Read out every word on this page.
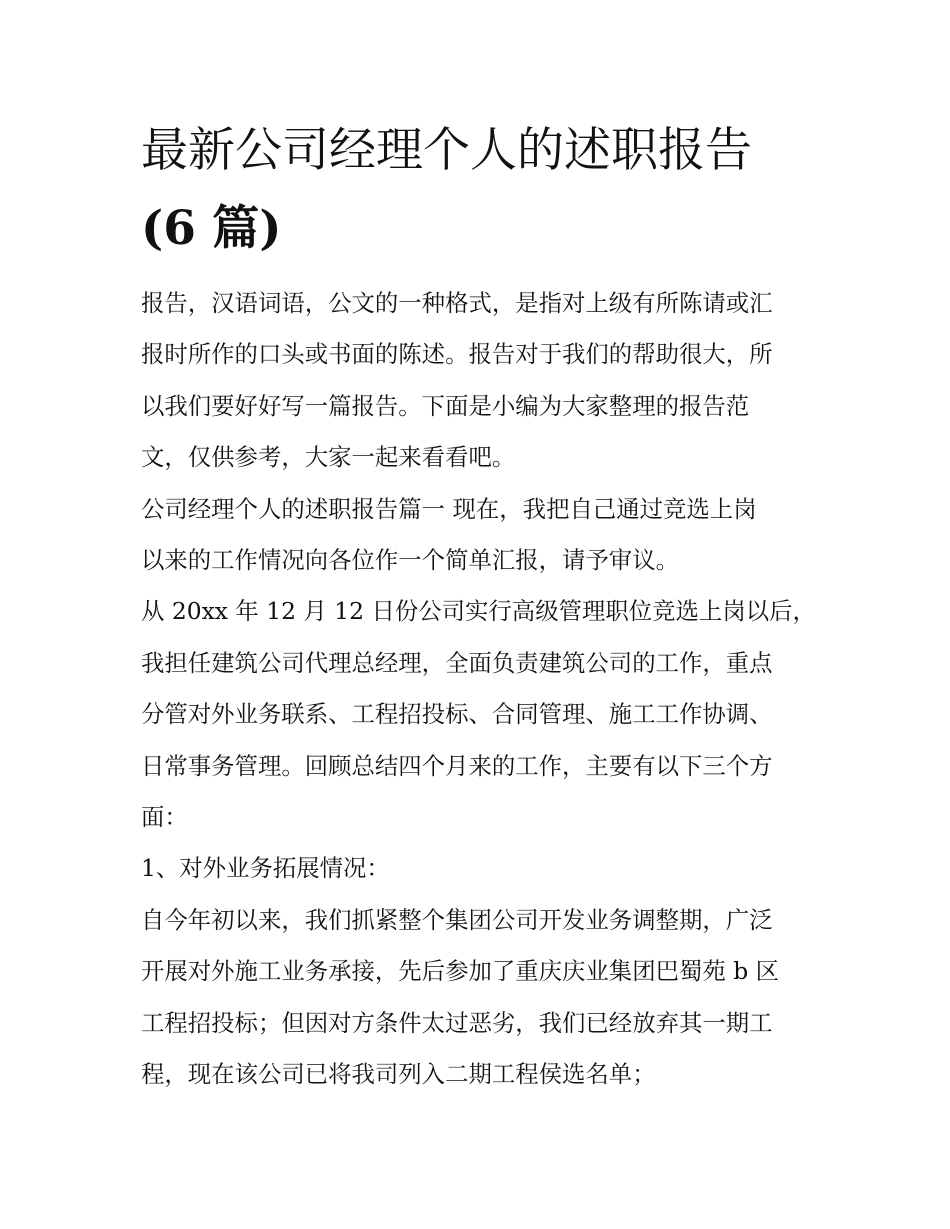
最新公司经理个人的述职报告
(6 篇)

报告，汉语词语，公文的一种格式，是指对上级有所陈请或汇
报时所作的口头或书面的陈述。报告对于我们的帮助很大，所
以我们要好好写一篇报告。下面是小编为大家整理的报告范
文，仅供参考，大家一起来看看吧。

公司经理个人的述职报告篇一 现在，我把自己通过竞选上岗
以来的工作情况向各位作一个简单汇报，请予审议。

从 20xx 年 12 月 12 日份公司实行高级管理职位竞选上岗以后，
我担任建筑公司代理总经理，全面负责建筑公司的工作，重点
分管对外业务联系、工程招投标、合同管理、施工工作协调、
日常事务管理。回顾总结四个月来的工作，主要有以下三个方
面：

1、对外业务拓展情况：

自今年初以来，我们抓紧整个集团公司开发业务调整期，广泛
开展对外施工业务承接，先后参加了重庆庆业集团巴蜀苑 b 区
工程招投标；但因对方条件太过恶劣，我们已经放弃其一期工
程，现在该公司已将我司列入二期工程侯选名单；
